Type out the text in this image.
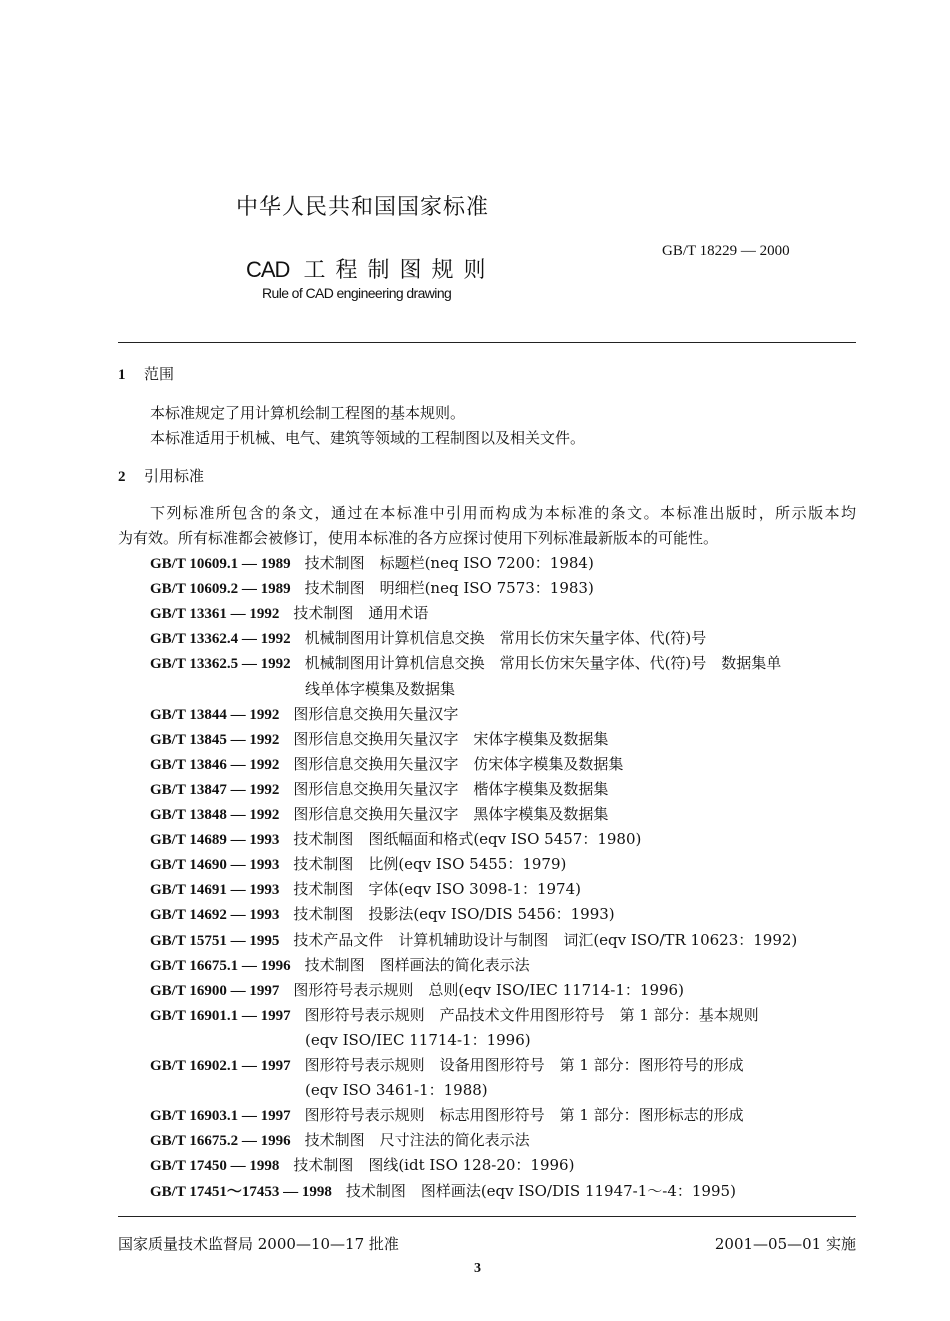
中华人民共和国国家标准
CAD 工程制图规则
GB/T 18229 — 2000
Rule of CAD engineering drawing
1 范围
本标准规定了用计算机绘制工程图的基本规则。
本标准适用于机械、电气、建筑等领域的工程制图以及相关文件。
2 引用标准
下列标准所包含的条文，通过在本标准中引用而构成为本标准的条文。本标准出版时，所示版本均
为有效。所有标准都会被修订，使用本标准的各方应探讨使用下列标准最新版本的可能性。
GB/T 10609.1 — 1989 技术制图　标题栏(neq ISO 7200：1984)
GB/T 10609.2 — 1989 技术制图　明细栏(neq ISO 7573：1983)
GB/T 13361 — 1992 技术制图　通用术语
GB/T 13362.4 — 1992 机械制图用计算机信息交换　常用长仿宋矢量字体、代(符)号
GB/T 13362.5 — 1992 机械制图用计算机信息交换　常用长仿宋矢量字体、代(符)号　数据集单
线单体字模集及数据集
GB/T 13844 — 1992 图形信息交换用矢量汉字
GB/T 13845 — 1992 图形信息交换用矢量汉字　宋体字模集及数据集
GB/T 13846 — 1992 图形信息交换用矢量汉字　仿宋体字模集及数据集
GB/T 13847 — 1992 图形信息交换用矢量汉字　楷体字模集及数据集
GB/T 13848 — 1992 图形信息交换用矢量汉字　黑体字模集及数据集
GB/T 14689 — 1993 技术制图　图纸幅面和格式(eqv ISO 5457：1980)
GB/T 14690 — 1993 技术制图　比例(eqv ISO 5455：1979)
GB/T 14691 — 1993 技术制图　字体(eqv ISO 3098-1：1974)
GB/T 14692 — 1993 技术制图　投影法(eqv ISO/DIS 5456：1993)
GB/T 15751 — 1995 技术产品文件　计算机辅助设计与制图　词汇(eqv ISO/TR 10623：1992)
GB/T 16675.1 — 1996 技术制图　图样画法的简化表示法
GB/T 16900 — 1997 图形符号表示规则　总则(eqv ISO/IEC 11714-1：1996)
GB/T 16901.1 — 1997 图形符号表示规则　产品技术文件用图形符号　第 1 部分：基本规则
(eqv ISO/IEC 11714-1：1996)
GB/T 16902.1 — 1997 图形符号表示规则　设备用图形符号　第 1 部分：图形符号的形成
(eqv ISO 3461-1：1988)
GB/T 16903.1 — 1997 图形符号表示规则　标志用图形符号　第 1 部分：图形标志的形成
GB/T 16675.2 — 1996 技术制图　尺寸注法的简化表示法
GB/T 17450 — 1998 技术制图　图线(idt ISO 128-20：1996)
GB/T 17451～17453 — 1998 技术制图　图样画法(eqv ISO/DIS 11947-1～-4：1995)
国家质量技术监督局 2000—10—17 批准	2001—05—01 实施
3
